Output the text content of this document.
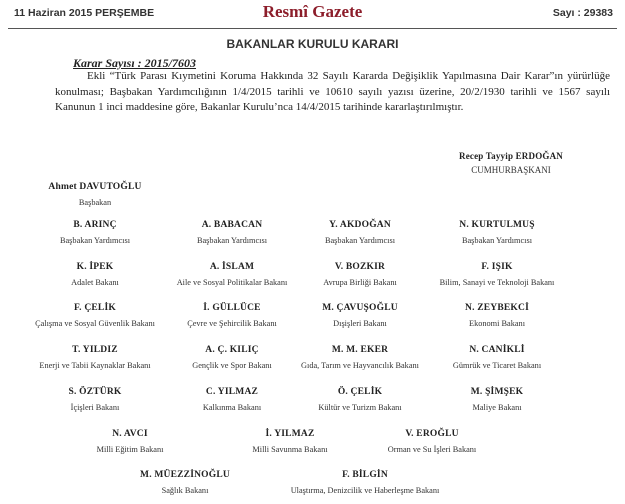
11 Haziran 2015 PERŞEMBE	Resmî Gazete	Sayı : 29383
BAKANLAR KURULU KARARI
Karar Sayısı : 2015/7603
Ekli “Türk Parası Kıymetini Koruma Hakkında 32 Sayılı Kararda Değişiklik Yapılmasına Dair Karar”ın yürürlüğe konulması; Başbakan Yardımcılığının 1/4/2015 tarihli ve 10610 sayılı yazısı üzerine, 20/2/1930 tarihli ve 1567 sayılı Kanunun 1 inci maddesine göre, Bakanlar Kurulu’nca 14/4/2015 tarihinde kararlaştırılmıştır.
Recep Tayyip ERDOĞAN
CUMHURBAŞKANI
Ahmet DAVUTOĞLU
Başbakan
B. ARINÇ
Başbakan Yardımcısı
A. BABACAN
Başbakan Yardımcısı
Y. AKDOĞAN
Başbakan Yardımcısı
N. KURTULMUŞ
Başbakan Yardımcısı
K. İPEK
Adalet Bakanı
A. İSLAM
Aile ve Sosyal Politikalar Bakanı
V. BOZKIR
Avrupa Birliği Bakanı
F. IŞIK
Bilim, Sanayi ve Teknoloji Bakanı
F. ÇELİK
Çalışma ve Sosyal Güvenlik Bakanı
İ. GÜLLÜCE
Çevre ve Şehircilik Bakanı
M. ÇAVUŞOĞLU
Dışişleri Bakanı
N. ZEYBEKCİ
Ekonomi Bakanı
T. YILDIZ
Enerji ve Tabii Kaynaklar Bakanı
A. Ç. KILIÇ
Gençlik ve Spor Bakanı
M. M. EKER
Gıda, Tarım ve Hayvancılık Bakanı
N. CANİKLİ
Gümrük ve Ticaret Bakanı
S. ÖZTÜRK
İçişleri Bakanı
C. YILMAZ
Kalkınma Bakanı
Ö. ÇELİK
Kültür ve Turizm Bakanı
M. ŞİMŞEK
Maliye Bakanı
N. AVCI
Milli Eğitim Bakanı
İ. YILMAZ
Milli Savunma Bakanı
V. EROĞLU
Orman ve Su İşleri Bakanı
M. MÜEZZİNOĞLU
Sağlık Bakanı
F. BİLGİN
Ulaştırma, Denizcilik ve Haberleşme Bakanı
